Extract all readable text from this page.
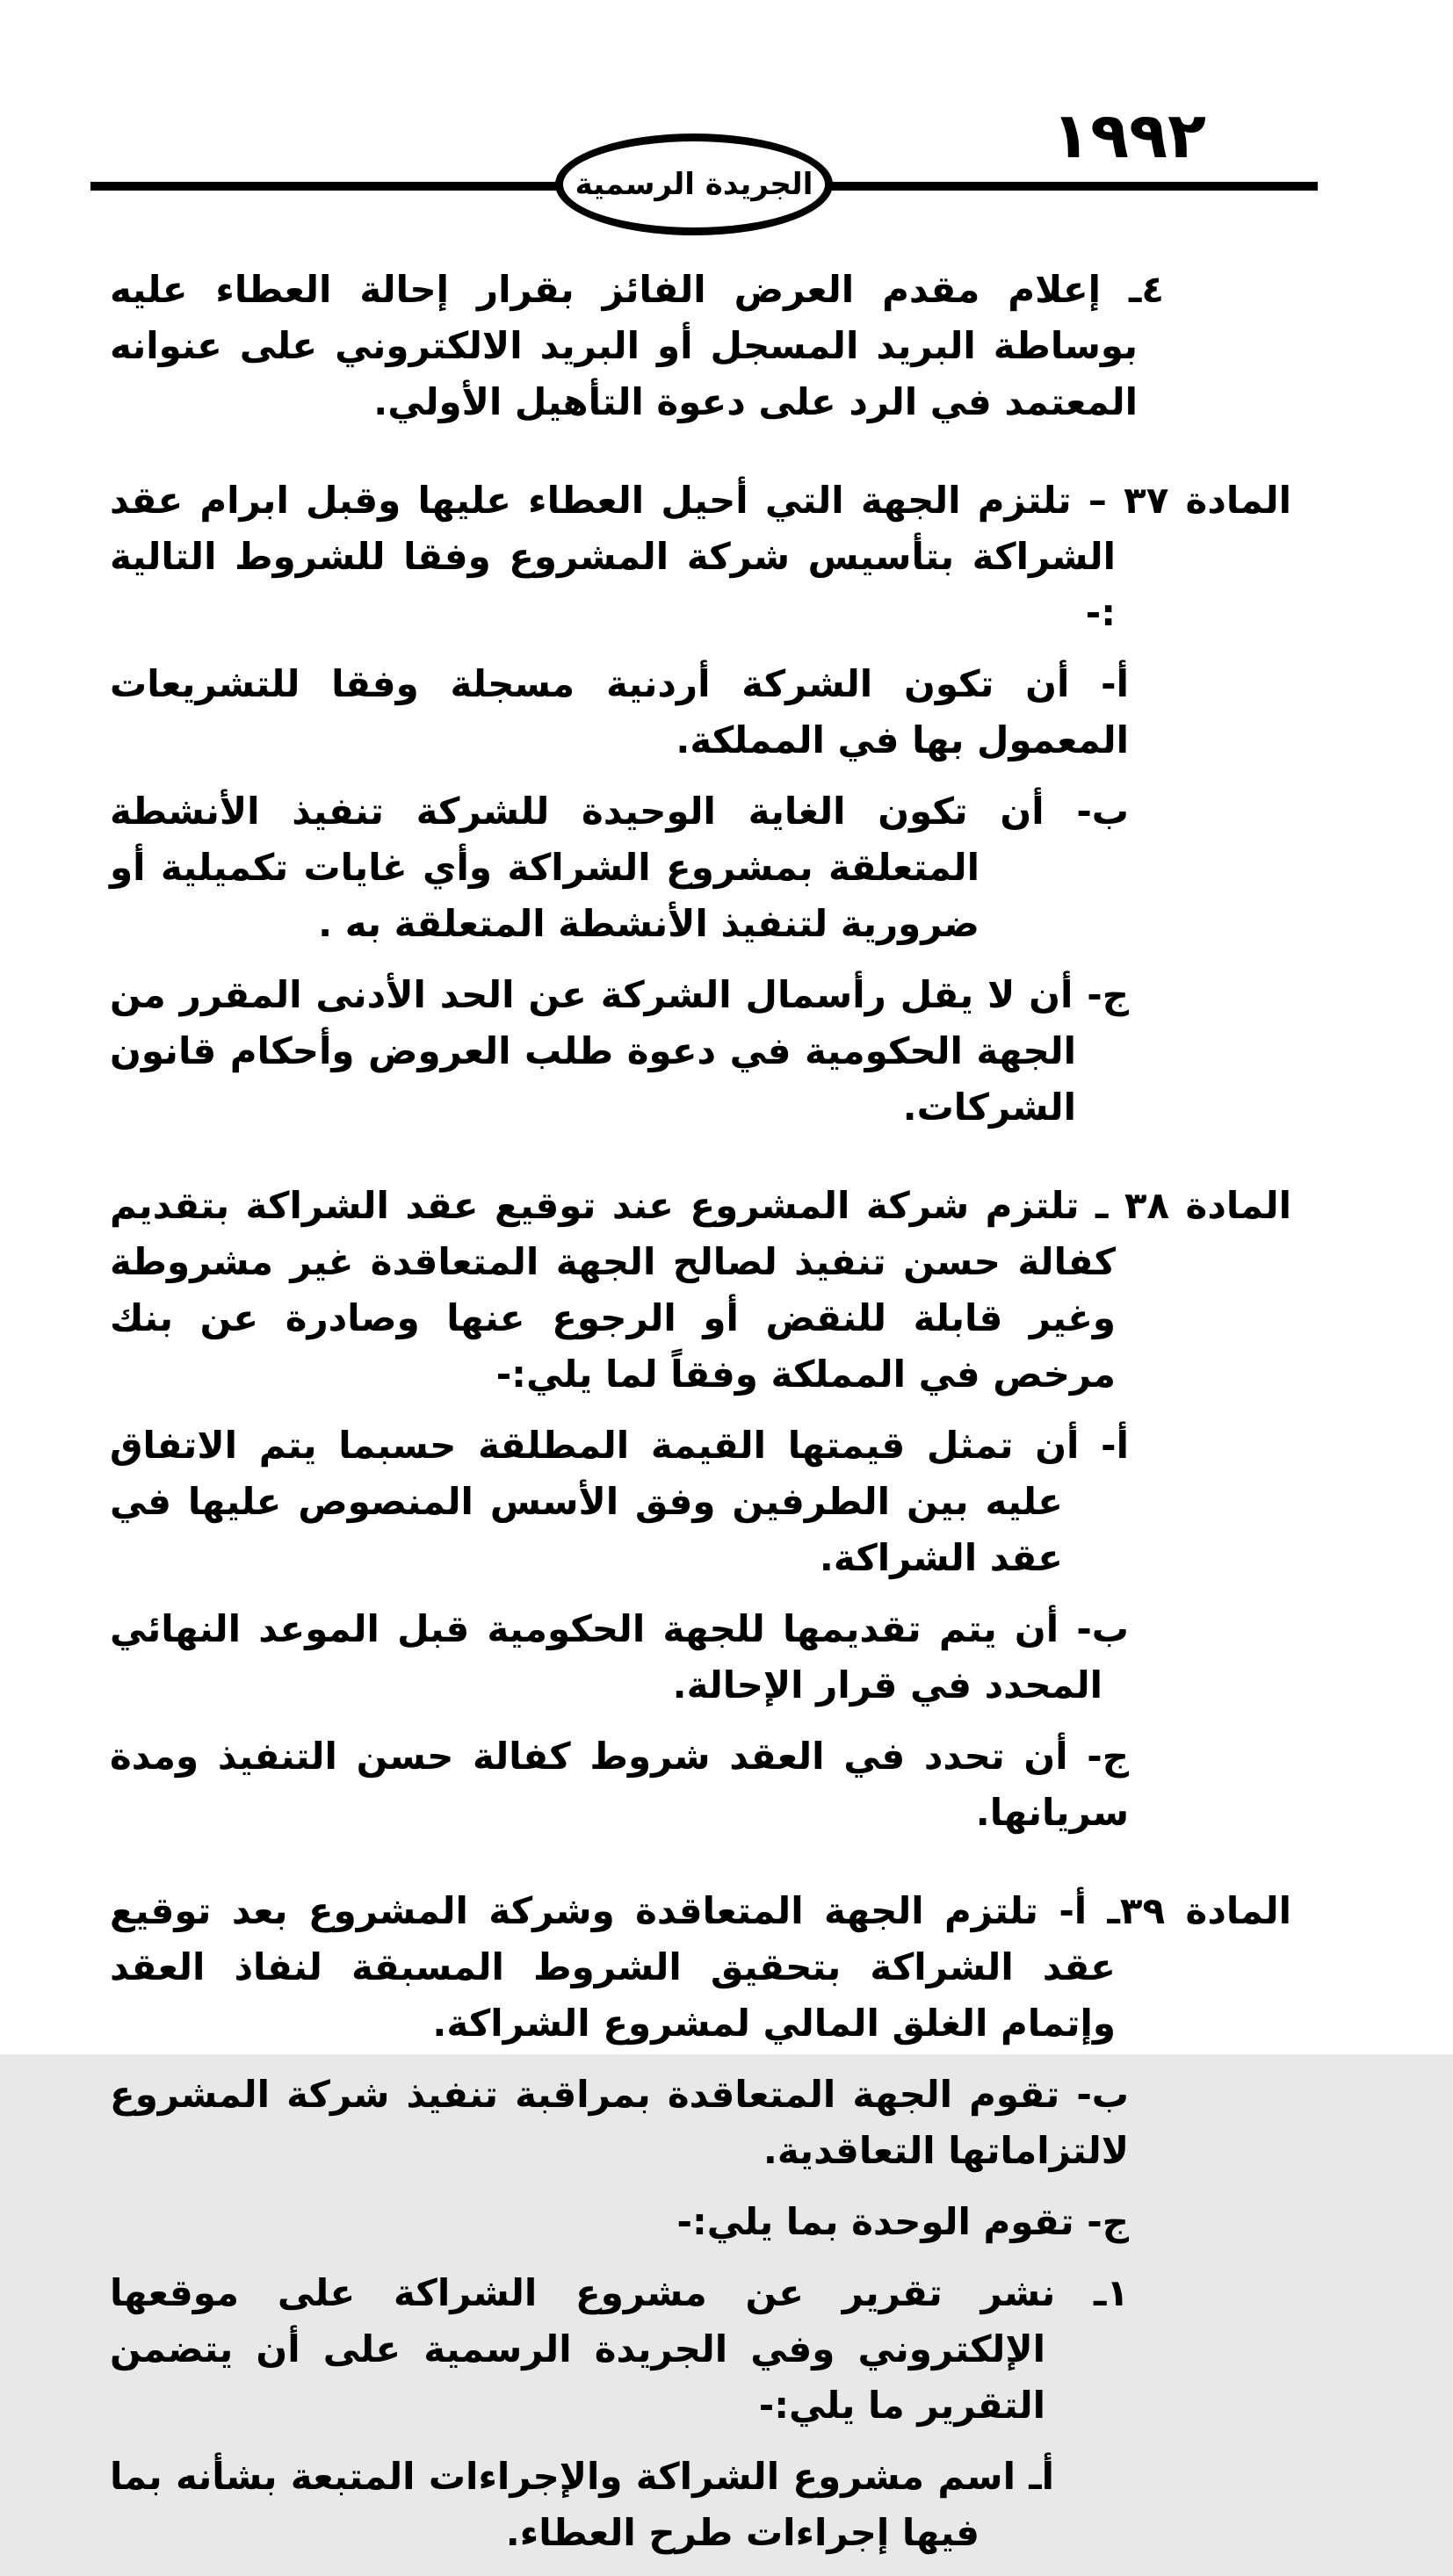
١٩٩٢
الجريدة الرسمية
٤ـ إعلام مقدم العرض الفائز بقرار إحالة العطاء عليه بوساطة البريد المسجل أو البريد الالكتروني على عنوانه المعتمد في الرد على دعوة التأهيل الأولي.
المادة ٣٧ – تلتزم الجهة التي أحيل العطاء عليها وقبل ابرام عقد الشراكة بتأسيس شركة المشروع وفقا للشروط التالية :-
أ- أن تكون الشركة أردنية مسجلة وفقا للتشريعات المعمول بها في المملكة.
ب- أن تكون الغاية الوحيدة للشركة تنفيذ الأنشطة المتعلقة بمشروع الشراكة وأي غايات تكميلية أو ضرورية لتنفيذ الأنشطة المتعلقة به .
ج- أن لا يقل رأسمال الشركة عن الحد الأدنى المقرر من الجهة الحكومية في دعوة طلب العروض وأحكام قانون الشركات.
المادة ٣٨ ـ تلتزم شركة المشروع عند توقيع عقد الشراكة بتقديم كفالة حسن تنفيذ لصالح الجهة المتعاقدة غير مشروطة وغير قابلة للنقض أو الرجوع عنها وصادرة عن بنك مرخص في المملكة وفقاً لما يلي:-
أ- أن تمثل قيمتها القيمة المطلقة حسبما يتم الاتفاق عليه بين الطرفين وفق الأسس المنصوص عليها في عقد الشراكة.
ب- أن يتم تقديمها للجهة الحكومية قبل الموعد النهائي المحدد في قرار الإحالة.
ج- أن تحدد في العقد شروط كفالة حسن التنفيذ ومدة سريانها.
المادة ٣٩ـ أ- تلتزم الجهة المتعاقدة وشركة المشروع بعد توقيع عقد الشراكة بتحقيق الشروط المسبقة لنفاذ العقد وإتمام الغلق المالي لمشروع الشراكة.
ب- تقوم الجهة المتعاقدة بمراقبة تنفيذ شركة المشروع لالتزاماتها التعاقدية.
ج- تقوم الوحدة بما يلي:-
١ـ نشر تقرير عن مشروع الشراكة على موقعها الإلكتروني وفي الجريدة الرسمية على أن يتضمن التقرير ما يلي:-
أـ اسم مشروع الشراكة والإجراءات المتبعة بشأنه بما فيها إجراءات طرح العطاء.
